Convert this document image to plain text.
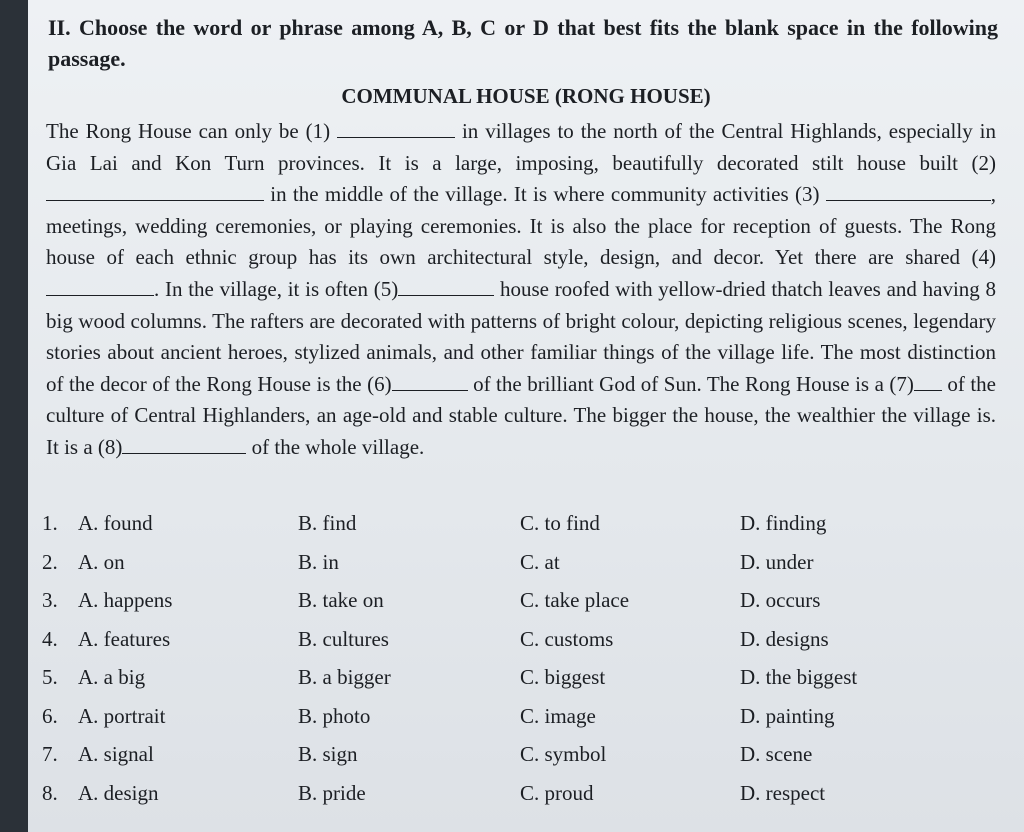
II. Choose the word or phrase among A, B, C or D that best fits the blank space in the following passage.
COMMUNAL HOUSE (RONG HOUSE)
The Rong House can only be (1)	in villages to the north of the Central Highlands, especially in Gia Lai and Kon Turn provinces. It is a large, imposing, beautifully decorated stilt house built (2)  in the middle of the village. It is where community activities (3)	, meetings, wedding ceremonies, or playing ceremonies. It is also the place for reception of guests. The Rong house of each ethnic group has its own architectural style, design, and decor. Yet there are shared (4). In the village, it is often (5)	house roofed with yellow-dried thatch leaves and having 8 big wood columns. The rafters are decorated with patterns of bright colour, depicting religious scenes, legendary stories about ancient heroes, stylized animals, and other familiar things of the village life. The most distinction of the decor of the Rong House is the (6)	of the brilliant God of Sun. The Rong House is a (7) of the culture of Central Highlanders, an age-old and stable culture. The bigger the house, the wealthier the village is. It is a (8)	of the whole village.
1. A. found	B. find	C. to find	D. finding
2. A. on	B. in	C. at	D. under
3. A. happens	B. take on	C. take place	D. occurs
4. A. features	B. cultures	C. customs	D. designs
5. A. a big	B. a bigger	C. biggest	D. the biggest
6. A. portrait	B. photo	C. image	D. painting
7. A. signal	B. sign	C. symbol	D. scene
8. A. design	B. pride	C. proud	D. respect
